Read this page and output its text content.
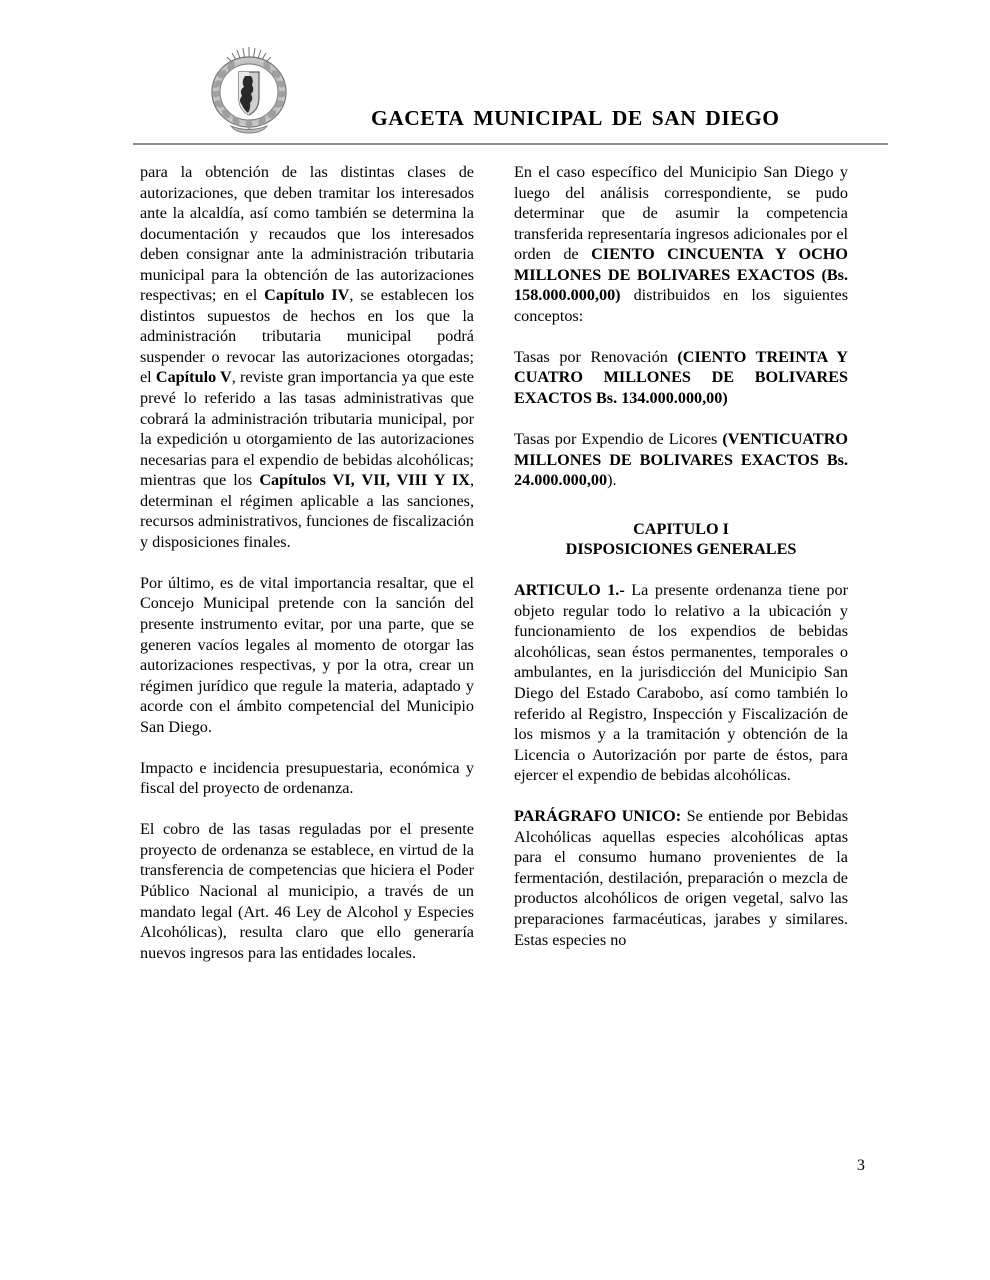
GACETA MUNICIPAL DE SAN DIEGO

para la obtención de las distintas clases de autorizaciones, que deben tramitar los interesados ante la alcaldía, así como también se determina la documentación y recaudos que los interesados deben consignar ante la administración tributaria municipal para la obtención de las autorizaciones respectivas; en el Capítulo IV, se establecen los distintos supuestos de hechos en los que la administración tributaria municipal podrá suspender o revocar las autorizaciones otorgadas; el Capítulo V, reviste gran importancia ya que este prevé lo referido a las tasas administrativas que cobrará la administración tributaria municipal, por la expedición u otorgamiento de las autorizaciones necesarias para el expendio de bebidas alcohólicas; mientras que los Capítulos VI, VII, VIII Y IX, determinan el régimen aplicable a las sanciones, recursos administrativos, funciones de fiscalización y disposiciones finales.

Por último, es de vital importancia resaltar, que el Concejo Municipal pretende con la sanción del presente instrumento evitar, por una parte, que se generen vacíos legales al momento de otorgar las autorizaciones respectivas, y por la otra, crear un régimen jurídico que regule la materia, adaptado y acorde con el ámbito competencial del Municipio San Diego.

Impacto e incidencia presupuestaria, económica y fiscal del proyecto de ordenanza.

El cobro de las tasas reguladas por el presente proyecto de ordenanza se establece, en virtud de la transferencia de competencias que hiciera el Poder Público Nacional al municipio, a través de un mandato legal (Art. 46 Ley de Alcohol y Especies Alcohólicas), resulta claro que ello generaría nuevos ingresos para las entidades locales.

En el caso específico del Municipio San Diego y luego del análisis correspondiente, se pudo determinar que de asumir la competencia transferida representaría ingresos adicionales por el orden de CIENTO CINCUENTA Y OCHO MILLONES DE BOLIVARES EXACTOS (Bs. 158.000.000,00) distribuidos en los siguientes conceptos:

Tasas por Renovación (CIENTO TREINTA Y CUATRO MILLONES DE BOLIVARES EXACTOS Bs. 134.000.000,00)

Tasas por Expendio de Licores (VENTICUATRO MILLONES DE BOLIVARES EXACTOS Bs. 24.000.000,00).

CAPITULO I
DISPOSICIONES GENERALES

ARTICULO 1.- La presente ordenanza tiene por objeto regular todo lo relativo a la ubicación y funcionamiento de los expendios de bebidas alcohólicas, sean éstos permanentes, temporales o ambulantes, en la jurisdicción del Municipio San Diego del Estado Carabobo, así como también lo referido al Registro, Inspección y Fiscalización de los mismos y a la tramitación y obtención de la Licencia o Autorización por parte de éstos, para ejercer el expendio de bebidas alcohólicas.

PARÁGRAFO UNICO: Se entiende por Bebidas Alcohólicas aquellas especies alcohólicas aptas para el consumo humano provenientes de la fermentación, destilación, preparación o mezcla de productos alcohólicos de origen vegetal, salvo las preparaciones farmacéuticas, jarabes y similares. Estas especies no

3
